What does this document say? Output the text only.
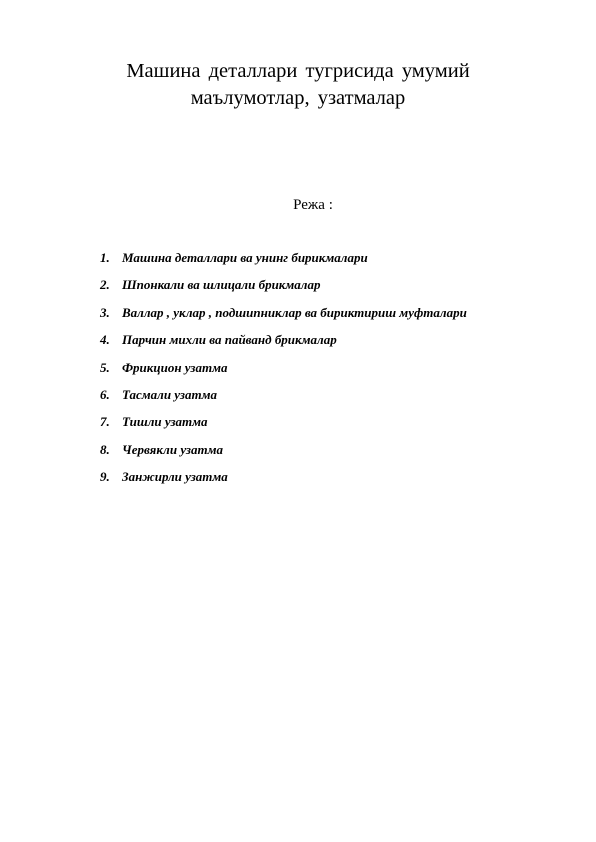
Машина деталлари тугрисида умумий
маълумотлар, узатмалар

Режа :

1. Машина деталлари ва унинг бирикмалари
2. Шпонкали ва шлицали брикмалар
3. Валлар , уклар , подшипниклар ва бириктириш муфталари
4. Парчин михли ва пайванд брикмалар
5. Фрикцион узатма
6. Тасмали узатма
7. Тишли узатма
8. Червякли узатма
9. Занжирли узатма
